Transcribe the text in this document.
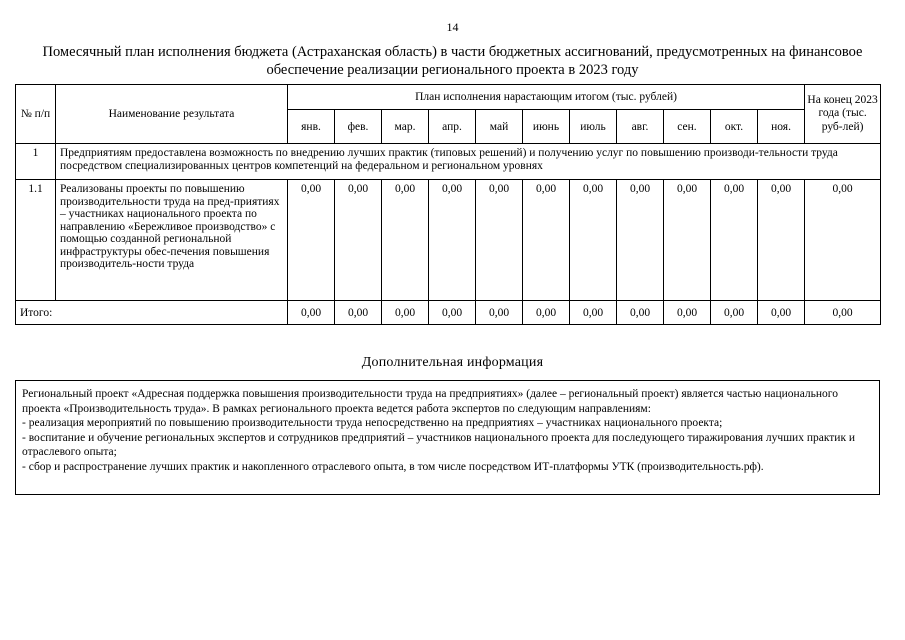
14
Помесячный план исполнения бюджета (Астраханская область) в части бюджетных ассигнований, предусмотренных на финансовое
обеспечение реализации регионального проекта в 2023 году
№ п/п	Наименование результата	План исполнения нарастающим итогом (тыс. рублей)											На конец 2023 года (тыс. руб-лей)
		янв.	фев.	мар.	апр.	май	июнь	июль	авг.	сен.	окт.	ноя.	
1	Предприятиям предоставлена возможность по внедрению лучших практик (типовых решений) и получению услуг по повышению производи-тельности труда посредством специализированных центров компетенций на федеральном и региональном уровнях												
1.1	Реализованы проекты по повышению производительности труда на пред-приятиях – участниках национального проекта по направлению «Бережливое производство» с помощью созданной региональной инфраструктуры обес-печения повышения производитель-ности труда	0,00	0,00	0,00	0,00	0,00	0,00	0,00	0,00	0,00	0,00	0,00	0,00
Итого:		0,00	0,00	0,00	0,00	0,00	0,00	0,00	0,00	0,00	0,00	0,00	0,00
Дополнительная информация

Региональный проект «Адресная поддержка повышения производительности труда на предприятиях» (далее – региональный проект) является частью национального проекта «Производительность труда». В рамках регионального проекта ведется работа экспертов по следующим направлениям:

- реализация мероприятий по повышению производительности труда непосредственно на предприятиях – участниках национального проекта;

- воспитание и обучение региональных экспертов и сотрудников предприятий – участников национального проекта для последующего тиражирования лучших практик и отраслевого опыта;

- сбор и распространение лучших практик и накопленного отраслевого опыта, в том числе посредством ИТ-платформы УТК (производительность.рф).
